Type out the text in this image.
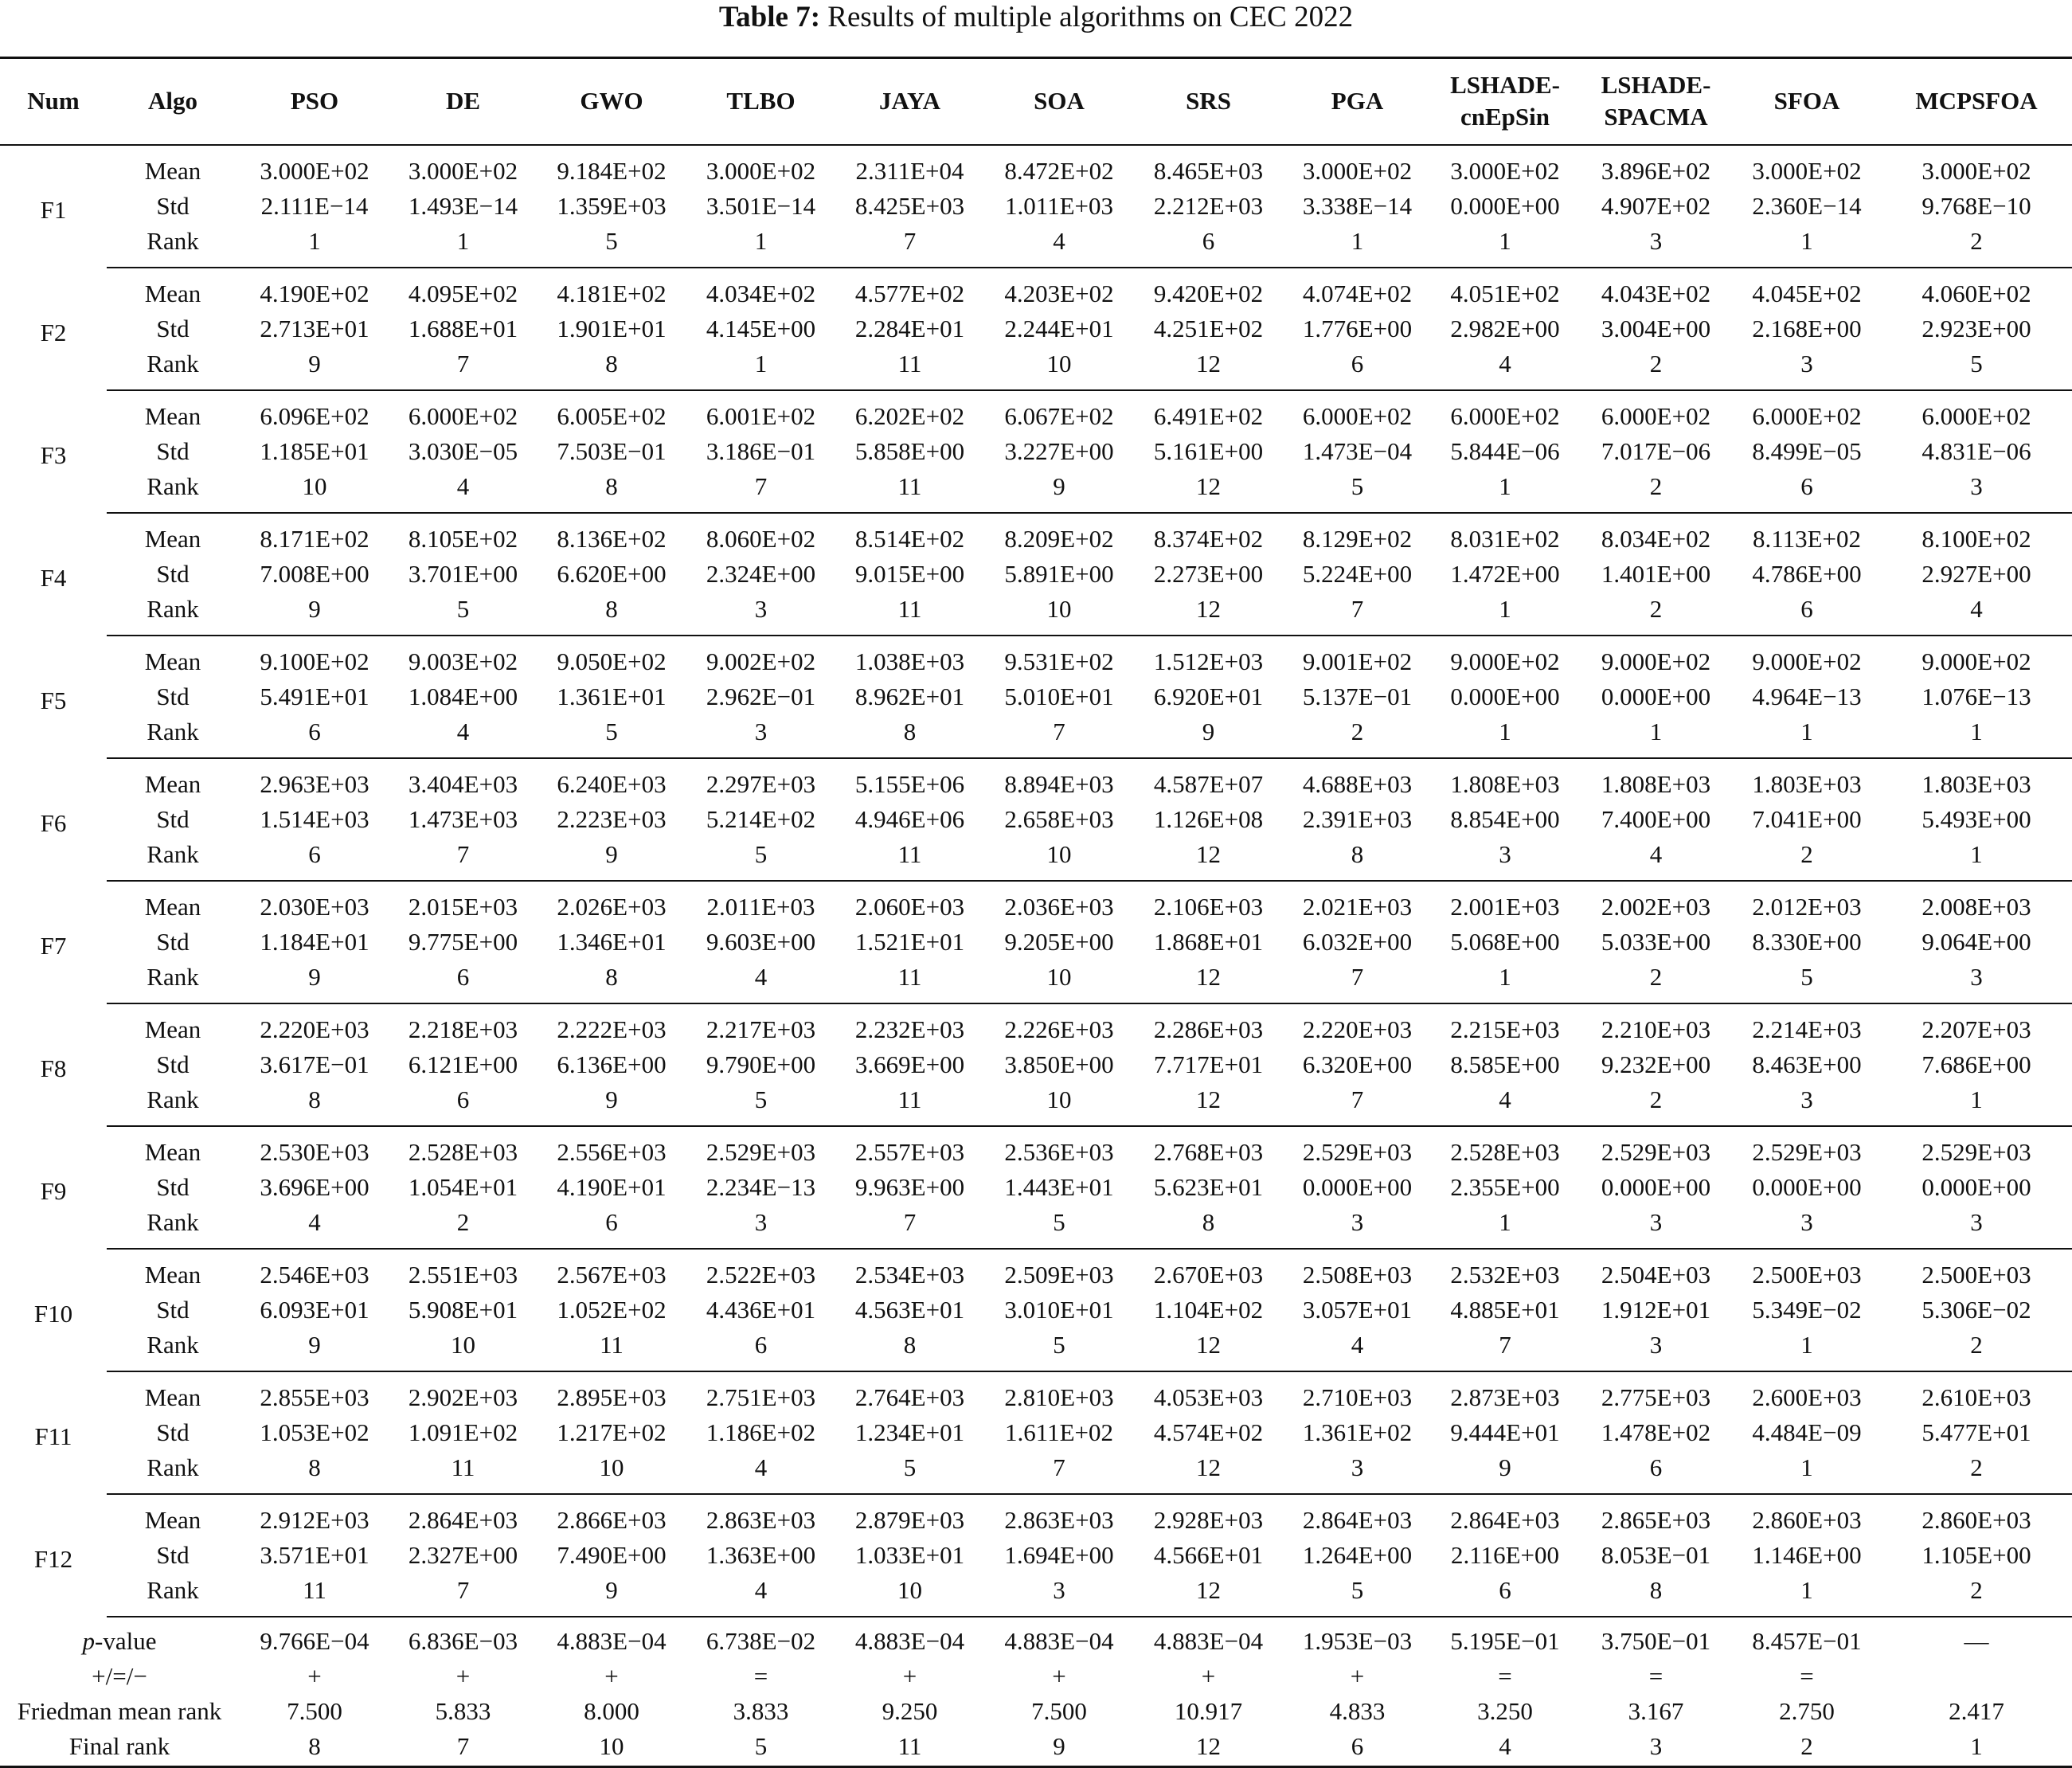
Table 7: Results of multiple algorithms on CEC 2022
Num	Algo	PSO	DE	GWO	TLBO	JAYA	SOA	SRS	PGA	LSHADE-
cnEpSin	LSHADE-
SPACMA	SFOA	MCPSFOA
F1	Mean	3.000E+02	3.000E+02	9.184E+02	3.000E+02	2.311E+04	8.472E+02	8.465E+03	3.000E+02	3.000E+02	3.896E+02	3.000E+02	3.000E+02
	Std	2.111E−14	1.493E−14	1.359E+03	3.501E−14	8.425E+03	1.011E+03	2.212E+03	3.338E−14	0.000E+00	4.907E+02	2.360E−14	9.768E−10
	Rank	1	1	5	1	7	4	6	1	1	3	1	2
F2	Mean	4.190E+02	4.095E+02	4.181E+02	4.034E+02	4.577E+02	4.203E+02	9.420E+02	4.074E+02	4.051E+02	4.043E+02	4.045E+02	4.060E+02
	Std	2.713E+01	1.688E+01	1.901E+01	4.145E+00	2.284E+01	2.244E+01	4.251E+02	1.776E+00	2.982E+00	3.004E+00	2.168E+00	2.923E+00
	Rank	9	7	8	1	11	10	12	6	4	2	3	5
F3	Mean	6.096E+02	6.000E+02	6.005E+02	6.001E+02	6.202E+02	6.067E+02	6.491E+02	6.000E+02	6.000E+02	6.000E+02	6.000E+02	6.000E+02
	Std	1.185E+01	3.030E−05	7.503E−01	3.186E−01	5.858E+00	3.227E+00	5.161E+00	1.473E−04	5.844E−06	7.017E−06	8.499E−05	4.831E−06
	Rank	10	4	8	7	11	9	12	5	1	2	6	3
F4	Mean	8.171E+02	8.105E+02	8.136E+02	8.060E+02	8.514E+02	8.209E+02	8.374E+02	8.129E+02	8.031E+02	8.034E+02	8.113E+02	8.100E+02
	Std	7.008E+00	3.701E+00	6.620E+00	2.324E+00	9.015E+00	5.891E+00	2.273E+00	5.224E+00	1.472E+00	1.401E+00	4.786E+00	2.927E+00
	Rank	9	5	8	3	11	10	12	7	1	2	6	4
F5	Mean	9.100E+02	9.003E+02	9.050E+02	9.002E+02	1.038E+03	9.531E+02	1.512E+03	9.001E+02	9.000E+02	9.000E+02	9.000E+02	9.000E+02
	Std	5.491E+01	1.084E+00	1.361E+01	2.962E−01	8.962E+01	5.010E+01	6.920E+01	5.137E−01	0.000E+00	0.000E+00	4.964E−13	1.076E−13
	Rank	6	4	5	3	8	7	9	2	1	1	1	1
F6	Mean	2.963E+03	3.404E+03	6.240E+03	2.297E+03	5.155E+06	8.894E+03	4.587E+07	4.688E+03	1.808E+03	1.808E+03	1.803E+03	1.803E+03
	Std	1.514E+03	1.473E+03	2.223E+03	5.214E+02	4.946E+06	2.658E+03	1.126E+08	2.391E+03	8.854E+00	7.400E+00	7.041E+00	5.493E+00
	Rank	6	7	9	5	11	10	12	8	3	4	2	1
F7	Mean	2.030E+03	2.015E+03	2.026E+03	2.011E+03	2.060E+03	2.036E+03	2.106E+03	2.021E+03	2.001E+03	2.002E+03	2.012E+03	2.008E+03
	Std	1.184E+01	9.775E+00	1.346E+01	9.603E+00	1.521E+01	9.205E+00	1.868E+01	6.032E+00	5.068E+00	5.033E+00	8.330E+00	9.064E+00
	Rank	9	6	8	4	11	10	12	7	1	2	5	3
F8	Mean	2.220E+03	2.218E+03	2.222E+03	2.217E+03	2.232E+03	2.226E+03	2.286E+03	2.220E+03	2.215E+03	2.210E+03	2.214E+03	2.207E+03
	Std	3.617E−01	6.121E+00	6.136E+00	9.790E+00	3.669E+00	3.850E+00	7.717E+01	6.320E+00	8.585E+00	9.232E+00	8.463E+00	7.686E+00
	Rank	8	6	9	5	11	10	12	7	4	2	3	1
F9	Mean	2.530E+03	2.528E+03	2.556E+03	2.529E+03	2.557E+03	2.536E+03	2.768E+03	2.529E+03	2.528E+03	2.529E+03	2.529E+03	2.529E+03
	Std	3.696E+00	1.054E+01	4.190E+01	2.234E−13	9.963E+00	1.443E+01	5.623E+01	0.000E+00	2.355E+00	0.000E+00	0.000E+00	0.000E+00
	Rank	4	2	6	3	7	5	8	3	1	3	3	3
F10	Mean	2.546E+03	2.551E+03	2.567E+03	2.522E+03	2.534E+03	2.509E+03	2.670E+03	2.508E+03	2.532E+03	2.504E+03	2.500E+03	2.500E+03
	Std	6.093E+01	5.908E+01	1.052E+02	4.436E+01	4.563E+01	3.010E+01	1.104E+02	3.057E+01	4.885E+01	1.912E+01	5.349E−02	5.306E−02
	Rank	9	10	11	6	8	5	12	4	7	3	1	2
F11	Mean	2.855E+03	2.902E+03	2.895E+03	2.751E+03	2.764E+03	2.810E+03	4.053E+03	2.710E+03	2.873E+03	2.775E+03	2.600E+03	2.610E+03
	Std	1.053E+02	1.091E+02	1.217E+02	1.186E+02	1.234E+01	1.611E+02	4.574E+02	1.361E+02	9.444E+01	1.478E+02	4.484E−09	5.477E+01
	Rank	8	11	10	4	5	7	12	3	9	6	1	2
F12	Mean	2.912E+03	2.864E+03	2.866E+03	2.863E+03	2.879E+03	2.863E+03	2.928E+03	2.864E+03	2.864E+03	2.865E+03	2.860E+03	2.860E+03
	Std	3.571E+01	2.327E+00	7.490E+00	1.363E+00	1.033E+01	1.694E+00	4.566E+01	1.264E+00	2.116E+00	8.053E−01	1.146E+00	1.105E+00
	Rank	11	7	9	4	10	3	12	5	6	8	1	2
p-value		9.766E−04	6.836E−03	4.883E−04	6.738E−02	4.883E−04	4.883E−04	4.883E−04	1.953E−03	5.195E−01	3.750E−01	8.457E−01	—
+/=/−		+	+	+	=	+	+	+	+	=	=	=	
Friedman mean rank		7.500	5.833	8.000	3.833	9.250	7.500	10.917	4.833	3.250	3.167	2.750	2.417
Final rank		8	7	10	5	11	9	12	6	4	3	2	1
